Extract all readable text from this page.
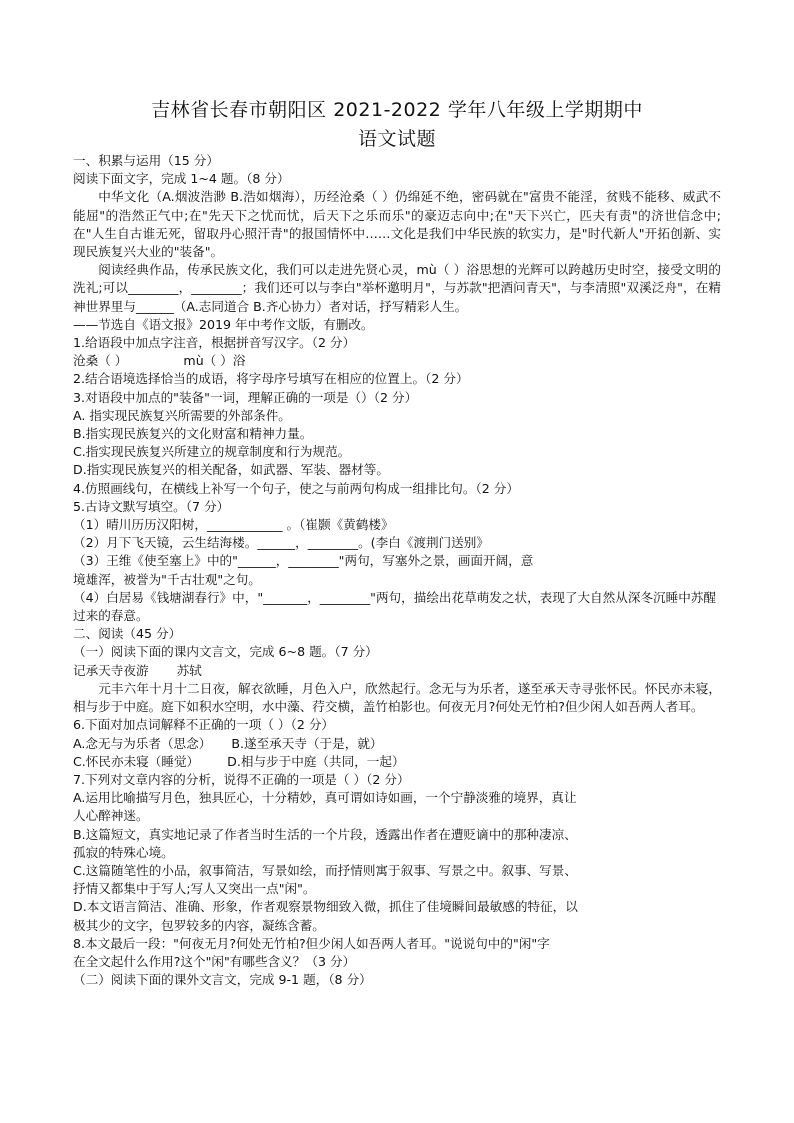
吉林省长春市朝阳区 2021-2022 学年八年级上学期期中
语文试题

一、积累与运用（15 分）

阅读下面文字，完成 1~4 题。（8 分）

中华文化（A.烟波浩渺 B.浩如烟海），历经沧桑（ ）仍绵延不绝，密码就在"富贵不能淫，贫贱不能移、威武不能屈"的浩然正气中;在"先天下之忧而忧，后天下之乐而乐"的豪迈志向中;在"天下兴亡，匹夫有责"的济世信念中;在"人生自古谁无死，留取丹心照汗青"的报国情怀中……文化是我们中华民族的软实力，是"时代新人"开拓创新、实现民族复兴大业的"装备"。

阅读经典作品，传承民族文化，我们可以走进先贤心灵，mù（ ）浴思想的光辉可以跨越历史时空，接受文明的洗礼;可以________，________；我们还可以与李白"举杯邀明月"，与苏款"把酒问青天"，与李清照"双溪泛舟"，在精神世界里与______（A.志同道合 B.齐心协力）者对话，抒写精彩人生。

——节选自《语文报》2019 年中考作文版，有删改。

1.给语段中加点字注音，根据拼音写汉字。（2 分）

沧桑（ ）              mù（ ）浴

2.结合语境选择恰当的成语，将字母序号填写在相应的位置上。（2 分）

3.对语段中加点的"装备"一词，理解正确的一项是（）（2 分）

A. 指实现民族复兴所需要的外部条件。

B.指实现民族复兴的文化财富和精神力量。

C.指实现民族复兴所建立的规章制度和行为规范。

D.指实现民族复兴的相关配备，如武器、军装、器材等。

4.仿照画线句，在横线上补写一个句子，使之与前两句构成一组排比句。（2 分）

5.古诗文默写填空。（7 分）

（1）晴川历历汉阳树，____________ 。（崔颢《黄鹤楼》

（2）月下飞天镜，云生结海楼。______，________。(李白《渡荆门送别》

（3）王维《使至塞上》中的"______，________"两句，写塞外之景，画面开阔，意

境雄浑，被誉为"千古壮观"之句。

（4）白居易《钱塘湖春行》中，"_______，________"两句，描绘出花草萌发之状，表现了大自然从深冬沉睡中苏醒过来的春意。

二、阅读（45 分）

（一）阅读下面的课内文言文，完成 6~8 题。（7 分）

记承天寺夜游       苏轼

元丰六年十月十二日夜，解衣欲睡，月色入户，欣然起行。念无与为乐者，遂至承天寺寻张怀民。怀民亦未寝，相与步于中庭。庭下如积水空明，水中藻、荇交横，盖竹柏影也。何夜无月?何处无竹柏?但少闲人如吾两人者耳。

6.下面对加点词解释不正确的一项（ ）（2 分）

A.念无与为乐者（思念）     B.遂至承天寺（于是，就）

C.怀民亦未寝（睡觉）       D.相与步于中庭（共同，一起）

7.下列对文章内容的分析，说得不正确的一项是（ ）（2 分）

A.运用比喻描写月色，独具匠心，十分精妙，真可谓如诗如画，一个宁静淡雅的境界，真让

人心醉神迷。

B.这篇短文，真实地记录了作者当时生活的一个片段，透露出作者在遭贬谪中的那种凄凉、

孤寂的特殊心境。

C.这篇随笔性的小品，叙事简洁，写景如绘，而抒情则寓于叙事、写景之中。叙事、写景、

抒情又都集中于写人;写人又突出一点"闲"。

D.本文语言简洁、准确、形象，作者观察景物细致入微，抓住了佳境瞬间最敏感的特征，以

极其少的文字，包罗较多的内容，凝练含蓄。

8.本文最后一段："何夜无月?何处无竹柏?但少闲人如吾两人者耳。"说说句中的"闲"字

在全文起什么作用?这个"闲"有哪些含义？（3 分）

（二）阅读下面的课外文言文，完成 9-1 题，（8 分）
